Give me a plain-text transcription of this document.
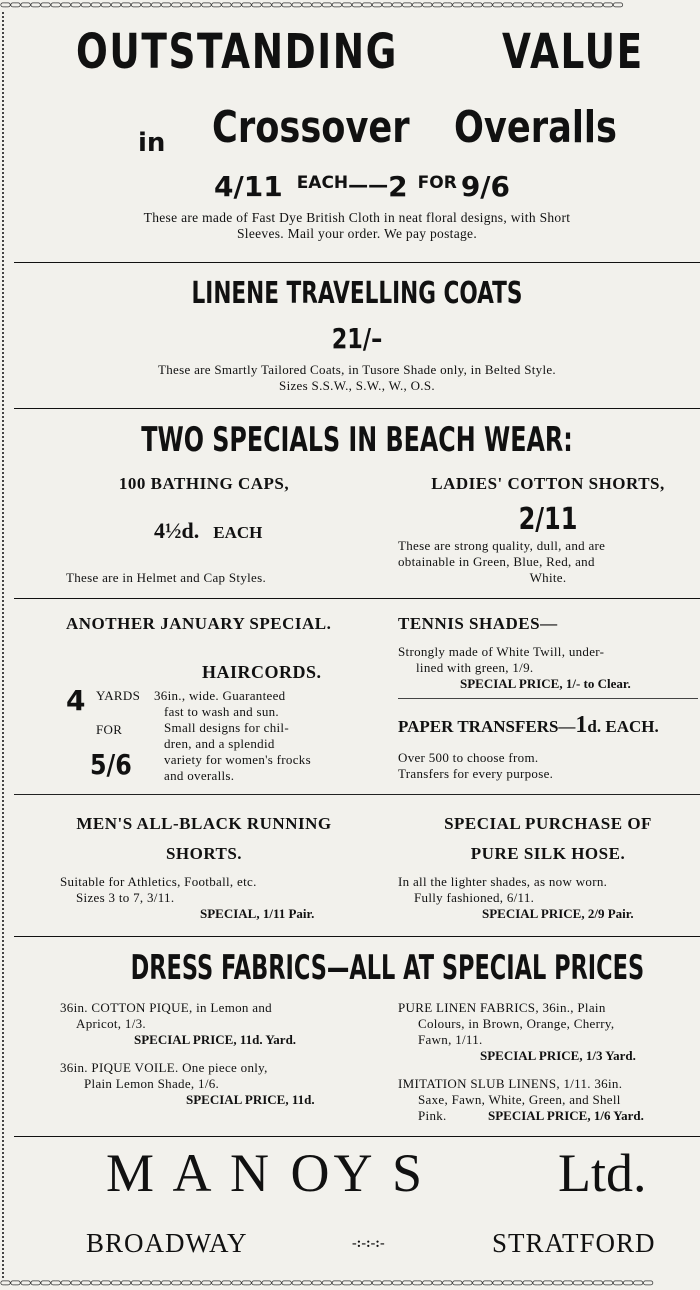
⊂⊃⊂⊃⊂⊃⊂⊃⊂⊃⊂⊃⊂⊃⊂⊃⊂⊃⊂⊃⊂⊃⊂⊃⊂⊃⊂⊃⊂⊃⊂⊃⊂⊃⊂⊃⊂⊃⊂⊃⊂⊃⊂⊃⊂⊃⊂⊃⊂⊃⊂⊃⊂⊃⊂⊃⊂⊃⊂⊃⊂⊃⊂⊃⊂⊃⊂⊃⊂⊃⊂⊃⊂⊃⊂⊃⊂⊃⊂⊃⊂⊃⊂⊃⊂⊃⊂⊃⊂⊃⊂⊃⊂⊃⊂⊃⊂⊃⊂⊃⊂⊃⊂⊃⊂⊃⊂⊃⊂⊃⊂⊃⊂⊃⊂⊃⊂⊃⊂⊃⊂⊃⊂⊃
⊂⊃⊂⊃⊂⊃⊂⊃⊂⊃⊂⊃⊂⊃⊂⊃⊂⊃⊂⊃⊂⊃⊂⊃⊂⊃⊂⊃⊂⊃⊂⊃⊂⊃⊂⊃⊂⊃⊂⊃⊂⊃⊂⊃⊂⊃⊂⊃⊂⊃⊂⊃⊂⊃⊂⊃⊂⊃⊂⊃⊂⊃⊂⊃⊂⊃⊂⊃⊂⊃⊂⊃⊂⊃⊂⊃⊂⊃⊂⊃⊂⊃⊂⊃⊂⊃⊂⊃⊂⊃⊂⊃⊂⊃⊂⊃⊂⊃⊂⊃⊂⊃⊂⊃⊂⊃⊂⊃⊂⊃⊂⊃⊂⊃⊂⊃⊂⊃⊂⊃⊂⊃⊂⊃⊂⊃⊂⊃⊂⊃
OUTSTANDING VALUE
in Crossover Overalls
4/11 EACH——2 FOR 9/6
These are made of Fast Dye British Cloth in neat floral designs, with Short
Sleeves. Mail your order. We pay postage.
LINENE TRAVELLING COATS
21/–
These are Smartly Tailored Coats, in Tusore Shade only, in Belted Style.
Sizes S.S.W., S.W., W., O.S.
TWO SPECIALS IN BEACH WEAR:
100 BATHING CAPS,
4½d. EACH
These are in Helmet and Cap Styles.
LADIES' COTTON SHORTS,
2/11
These are strong quality, dull, and are
obtainable in Green, Blue, Red, and
White.
ANOTHER JANUARY SPECIAL.
HAIRCORDS.
4 YARDS
FOR
5/6
36in., wide. Guaranteed
fast to wash and sun.
Small designs for chil-
dren, and a splendid
variety for women's frocks
and overalls.
TENNIS SHADES—
Strongly made of White Twill, under-
lined with green, 1/9.
SPECIAL PRICE, 1/- to Clear.
PAPER TRANSFERS—1d. EACH.
Over 500 to choose from.
Transfers for every purpose.
MEN'S ALL-BLACK RUNNING
SHORTS.
Suitable for Athletics, Football, etc.
Sizes 3 to 7, 3/11.
SPECIAL, 1/11 Pair.
SPECIAL PURCHASE OF
PURE SILK HOSE.
In all the lighter shades, as now worn.
Fully fashioned, 6/11.
SPECIAL PRICE, 2/9 Pair.
DRESS FABRICS—ALL AT SPECIAL PRICES
36in. COTTON PIQUE, in Lemon and
Apricot, 1/3.
SPECIAL PRICE, 11d. Yard.
36in. PIQUE VOILE. One piece only,
Plain Lemon Shade, 1/6.
SPECIAL PRICE, 11d.
PURE LINEN FABRICS, 36in., Plain
Colours, in Brown, Orange, Cherry,
Fawn, 1/11.
SPECIAL PRICE, 1/3 Yard.
IMITATION SLUB LINENS, 1/11. 36in.
Saxe, Fawn, White, Green, and Shell
Pink.	SPECIAL PRICE, 1/6 Yard.
M A N OY S Ltd.
BROADWAY	-:-:-:-	STRATFORD
